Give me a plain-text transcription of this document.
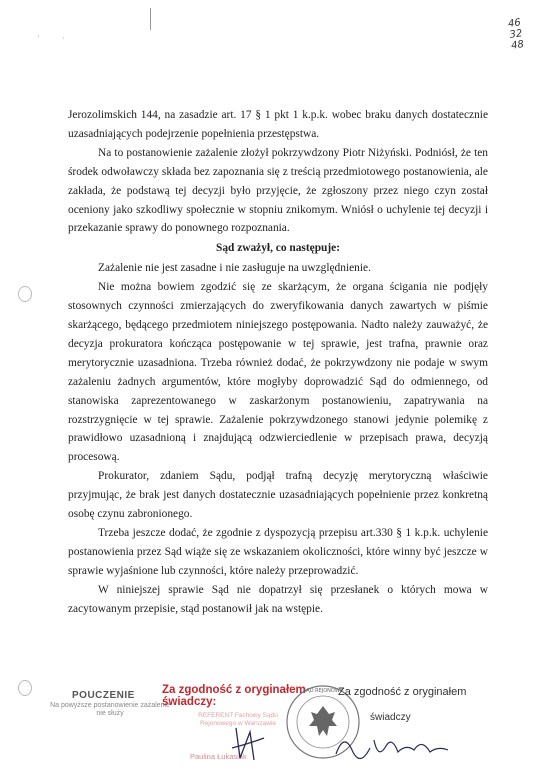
'	·
46
32
48

Jerozolimskich 144, na zasadzie art. 17 § 1 pkt 1 k.p.k. wobec braku danych dostatecznie uzasadniających podejrzenie popełnienia przestępstwa.

Na to postanowienie zażalenie złożył pokrzywdzony Piotr Niżyński. Podniósł, że ten środek odwoławczy składa bez zapoznania się z treścią przedmiotowego postanowienia, ale zakłada, że podstawą tej decyzji było przyjęcie, że zgłoszony przez niego czyn został oceniony jako szkodliwy społecznie w stopniu znikomym. Wniósł o uchylenie tej decyzji i przekazanie sprawy do ponownego rozpoznania.

Sąd zważył, co następuje:

Zażalenie nie jest zasadne i nie zasługuje na uwzględnienie.

Nie można bowiem zgodzić się ze skarżącym, że organa ścigania nie podjęły stosownych czynności zmierzających do zweryfikowania danych zawartych w piśmie skarżącego, będącego przedmiotem niniejszego postępowania. Nadto należy zauważyć, że decyzja prokuratora kończąca postępowanie w tej sprawie, jest trafna, prawnie oraz merytorycznie uzasadniona. Trzeba również dodać, że pokrzywdzony nie podaje w swym zażaleniu żadnych argumentów, które mogłyby doprowadzić Sąd do odmiennego, od stanowiska zaprezentowanego w zaskarżonym postanowieniu, zapatrywania na rozstrzygnięcie w tej sprawie. Zażalenie pokrzywdzonego stanowi jedynie polemikę z prawidłowo uzasadnioną i znajdującą odzwierciedlenie w przepisach prawa, decyzją procesową.

Prokurator, zdaniem Sądu, podjął trafną decyzję merytoryczną właściwie przyjmując, że brak jest danych dostatecznie uzasadniających popełnienie przez konkretną osobę czynu zabronionego.

Trzeba jeszcze dodać, że zgodnie z dyspozycją przepisu art.330 § 1 k.p.k. uchylenie postanowienia przez Sąd wiąże się ze wskazaniem okoliczności, które winny być jeszcze w sprawie wyjaśnione lub czynności, które należy przeprowadzić.

W niniejszej sprawie Sąd nie dopatrzył się przesłanek o których mowa w zacytowanym przepisie, stąd postanowił jak na wstępie.

POUCZENIE
Na powyższe postanowienie zażalenie nie służy
Za zgodność z oryginałem
świadczy:
REFERENT Fachowy Sądu Rejonowego w Warszawie
Paulina Łukasiak
SĄD REJONOWY
Za zgodność z oryginałem
świadczy
